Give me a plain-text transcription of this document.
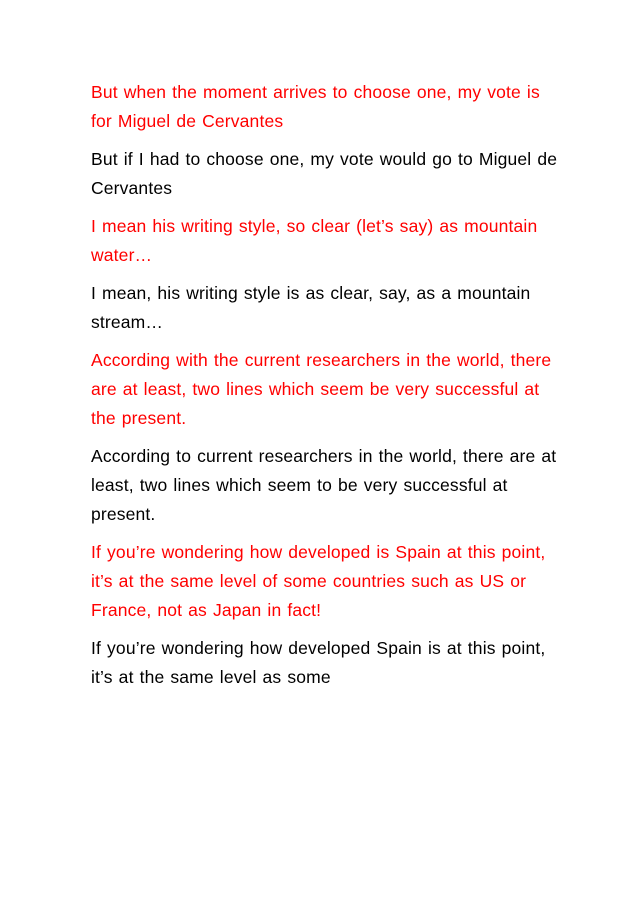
But when the moment arrives to choose one, my vote is for Miguel de Cervantes

But if I had to choose one, my vote would go to Miguel de Cervantes

I mean his writing style, so clear (let’s say) as mountain water…

I mean, his writing style is as clear, say, as a mountain stream…

According with the current researchers in the world, there are at least, two lines which seem be very successful at the present.

According to current researchers in the world, there are at least, two lines which seem to be very successful at present.

If you’re wondering how developed is Spain at this point, it’s at the same level of some countries such as US or France, not as Japan in fact!

If you’re wondering how developed Spain is at this point, it’s at the same level as some
